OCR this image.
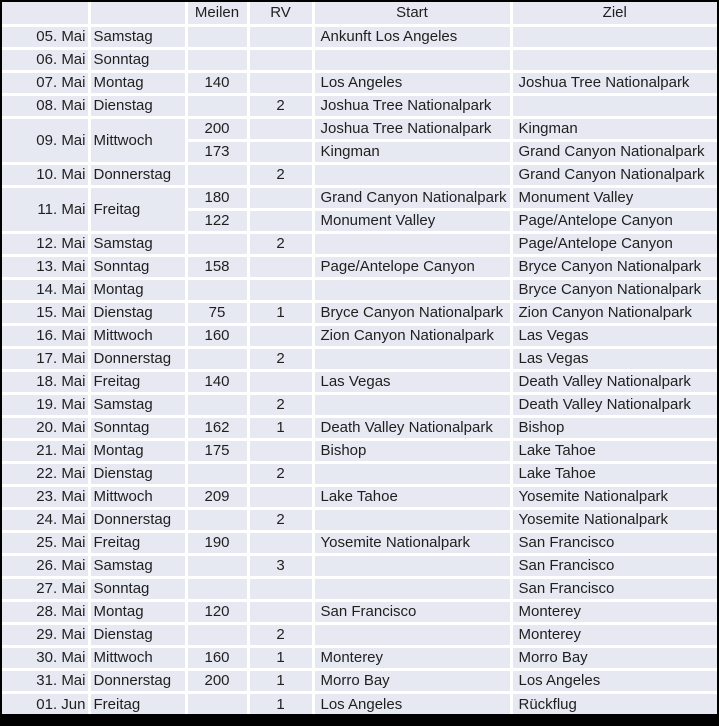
		Meilen	RV	Start	Ziel
05. Mai	Samstag			Ankunft Los Angeles	
06. Mai	Sonntag				
07. Mai	Montag	140		Los Angeles	Joshua Tree Nationalpark
08. Mai	Dienstag		2	Joshua Tree Nationalpark	
09. Mai	Mittwoch	200		Joshua Tree Nationalpark	Kingman
		173		Kingman	Grand Canyon Nationalpark
10. Mai	Donnerstag		2		Grand Canyon Nationalpark
11. Mai	Freitag	180		Grand Canyon Nationalpark	Monument Valley
		122		Monument Valley	Page/Antelope Canyon
12. Mai	Samstag		2		Page/Antelope Canyon
13. Mai	Sonntag	158		Page/Antelope Canyon	Bryce Canyon Nationalpark
14. Mai	Montag				Bryce Canyon Nationalpark
15. Mai	Dienstag	75	1	Bryce Canyon Nationalpark	Zion Canyon Nationalpark
16. Mai	Mittwoch	160		Zion Canyon Nationalpark	Las Vegas
17. Mai	Donnerstag		2		Las Vegas
18. Mai	Freitag	140		Las Vegas	Death Valley Nationalpark
19. Mai	Samstag		2		Death Valley Nationalpark
20. Mai	Sonntag	162	1	Death Valley Nationalpark	Bishop
21. Mai	Montag	175		Bishop	Lake Tahoe
22. Mai	Dienstag		2		Lake Tahoe
23. Mai	Mittwoch	209		Lake Tahoe	Yosemite Nationalpark
24. Mai	Donnerstag		2		Yosemite Nationalpark
25. Mai	Freitag	190		Yosemite Nationalpark	San Francisco
26. Mai	Samstag		3		San Francisco
27. Mai	Sonntag				San Francisco
28. Mai	Montag	120		San Francisco	Monterey
29. Mai	Dienstag		2		Monterey
30. Mai	Mittwoch	160	1	Monterey	Morro Bay
31. Mai	Donnerstag	200	1	Morro Bay	Los Angeles
01. Jun	Freitag		1	Los Angeles	Rückflug
